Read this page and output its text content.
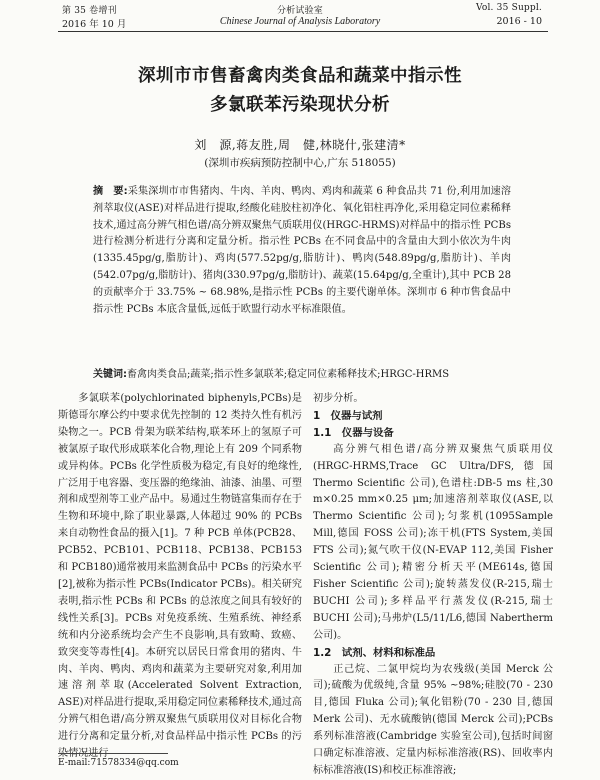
第 35 卷增刊
2016 年 10 月
分析试验室
Chinese Journal of Analysis Laboratory
Vol. 35 Suppl.
2016 - 10
深圳市市售畜禽肉类食品和蔬菜中指示性
多氯联苯污染现状分析
刘　源,蒋友胜,周　健,林晓什,张建清*
(深圳市疾病预防控制中心,广东 518055)

摘　要:采集深圳市市售猪肉、牛肉、羊肉、鸭肉、鸡肉和蔬菜 6 种食品共 71 份,利用加速溶剂萃取仪(ASE)对样品进行提取,经酸化硅胶柱初净化、氧化铝柱再净化,采用稳定同位素稀释技术,通过高分辨气相色谱/高分辨双聚焦气质联用仪(HRGC-HRMS)对样品中的指示性 PCBs 进行检测分析进行分离和定量分析。指示性 PCBs 在不同食品中的含量由大到小依次为牛肉(1335.45pg/g,脂肪计)、鸡肉(577.52pg/g,脂肪计)、鸭肉(548.89pg/g,脂肪计)、羊肉(542.07pg/g,脂肪计)、猪肉(330.97pg/g,脂肪计)、蔬菜(15.64pg/g,全重计),其中 PCB 28 的贡献率介于 33.75% ~ 68.98%,是指示性 PCBs 的主要代谢单体。深圳市 6 种市售食品中指示性 PCBs 本底含量低,远低于欧盟行动水平标准限值。

关键词:畜禽肉类食品;蔬菜;指示性多氯联苯;稳定同位素稀释技术;HRGC-HRMS

多氯联苯(polychlorinated biphenyls,PCBs)是斯德哥尔摩公约中要求优先控制的 12 类持久性有机污染物之一。PCB 骨架为联苯结构,联苯环上的氢原子可被氯原子取代形成联苯化合物,理论上有 209 个同系物或异构体。PCBs 化学性质极为稳定,有良好的绝缘性,广泛用于电容器、变压器的绝缘油、油漆、油墨、可塑剂和成型剂等工业产品中。易通过生物链富集而存在于生物和环境中,除了职业暴露,人体超过 90% 的 PCBs 来自动物性食品的摄入[1]。7 种 PCB 单体(PCB28、PCB52、PCB101、PCB118、PCB138、PCB153 和 PCB180)通常被用来监测食品中 PCBs 的污染水平[2],被称为指示性 PCBs(Indicator PCBs)。相关研究表明,指示性 PCBs 和 PCBs 的总浓度之间具有较好的线性关系[3]。PCBs 对免疫系统、生殖系统、神经系统和内分泌系统均会产生不良影响,具有致畸、致癌、致突变等毒性[4]。本研究以居民日常食用的猪肉、牛肉、羊肉、鸭肉、鸡肉和蔬菜为主要研究对象,利用加速溶剂萃取(Accelerated Solvent Extraction, ASE)对样品进行提取,采用稳定同位素稀释技术,通过高分辨气相色谱/高分辨双聚焦气质联用仪对目标化合物进行分离和定量分析,对食品样品中指示性 PCBs 的污染情况进行

初步分析。

1　仪器与试剂
1.1　仪器与设备

高分辨气相色谱/高分辨双聚焦气质联用仪(HRGC-HRMS,Trace GC Ultra/DFS,德国 Thermo Scientific 公司),色谱柱:DB-5 ms 柱,30 m×0.25 mm×0.25 μm;加速溶剂萃取仪(ASE,以 Thermo Scientific 公司);匀浆机(1095Sample Mill,德国 FOSS 公司);冻干机(FTS System,美国 FTS 公司);氮气吹干仪(N-EVAP 112,美国 Fisher Scientific 公司);精密分析天平(ME614s,德国 Fisher Scientific 公司);旋转蒸发仪(R-215,瑞士 BUCHI 公司);多样品平行蒸发仪(R-215,瑞士 BUCHI 公司);马弗炉(L5/11/L6,德国 Nabertherm 公司)。

1.2　试剂、材料和标准品

正己烷、二氯甲烷均为农残级(美国 Merck 公司);硫酸为优级纯,含量 95% ~98%;硅胶(70 - 230 目,德国 Fluka 公司);氧化铝粉(70 - 230 目,德国 Merk 公司)、无水硫酸钠(德国 Merck 公司);PCBs 系列标准溶液(Cambridge 实验室公司),包括时间窗口确定标准溶液、定量内标标准溶液(RS)、回收率内标标准溶液(IS)和校正标准溶液;

E-mail:71578334@qq.com
